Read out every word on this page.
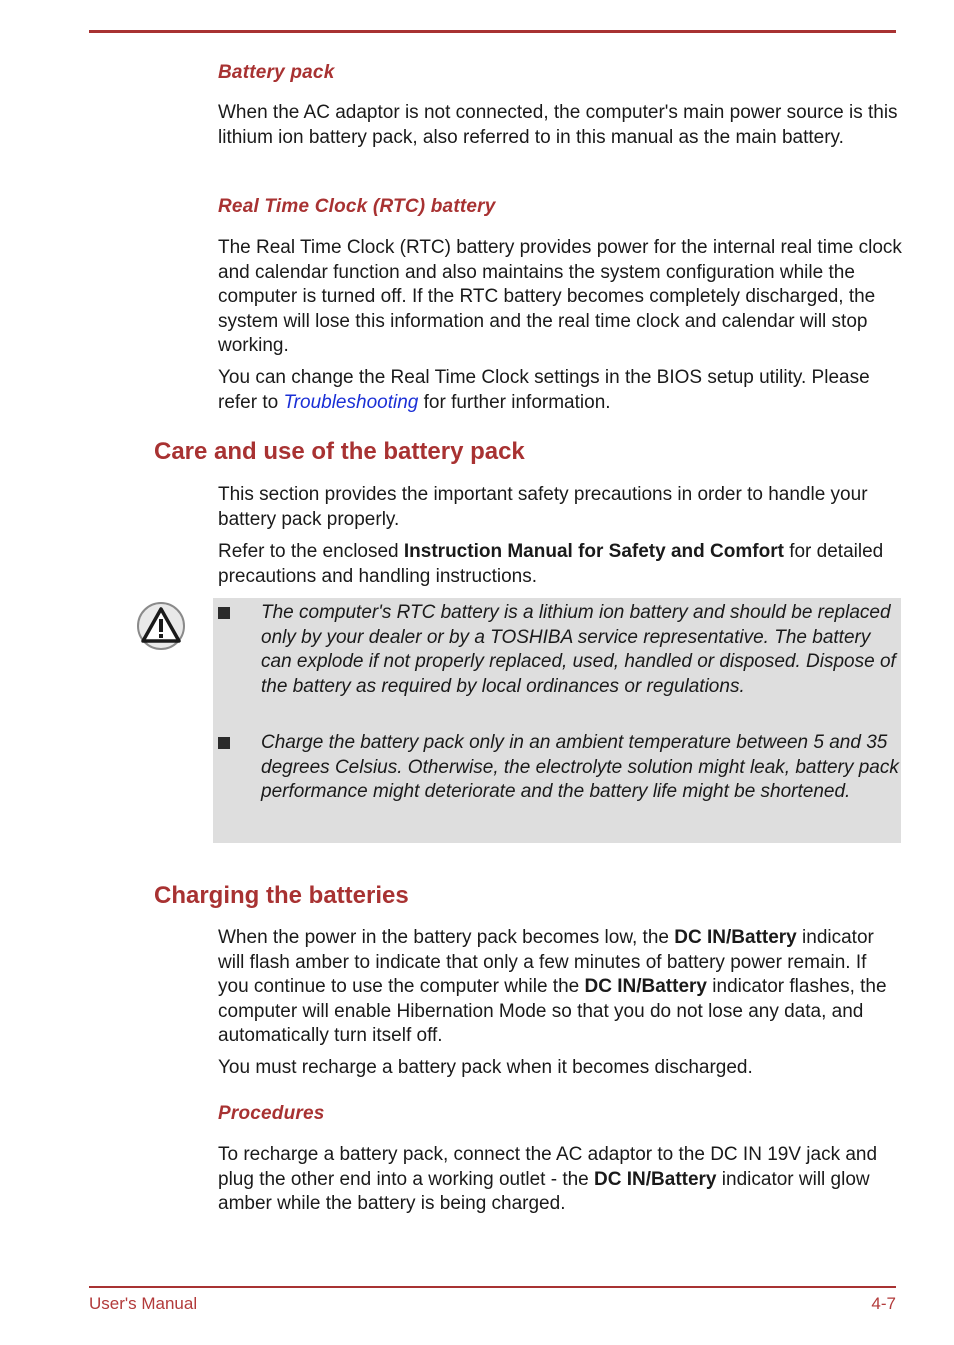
Battery pack

When the AC adaptor is not connected, the computer's main power source is this lithium ion battery pack, also referred to in this manual as the main battery.

Real Time Clock (RTC) battery

The Real Time Clock (RTC) battery provides power for the internal real time clock and calendar function and also maintains the system configuration while the computer is turned off. If the RTC battery becomes completely discharged, the system will lose this information and the real time clock and calendar will stop working.

You can change the Real Time Clock settings in the BIOS setup utility. Please refer to Troubleshooting for further information.

Care and use of the battery pack

This section provides the important safety precautions in order to handle your battery pack properly.

Refer to the enclosed Instruction Manual for Safety and Comfort for detailed precautions and handling instructions.

The computer's RTC battery is a lithium ion battery and should be replaced only by your dealer or by a TOSHIBA service representative. The battery can explode if not properly replaced, used, handled or disposed. Dispose of the battery as required by local ordinances or regulations.

Charge the battery pack only in an ambient temperature between 5 and 35 degrees Celsius. Otherwise, the electrolyte solution might leak, battery pack performance might deteriorate and the battery life might be shortened.

Charging the batteries

When the power in the battery pack becomes low, the DC IN/Battery indicator will flash amber to indicate that only a few minutes of battery power remain. If you continue to use the computer while the DC IN/Battery indicator flashes, the computer will enable Hibernation Mode so that you do not lose any data, and automatically turn itself off.

You must recharge a battery pack when it becomes discharged.

Procedures

To recharge a battery pack, connect the AC adaptor to the DC IN 19V jack and plug the other end into a working outlet - the DC IN/Battery indicator will glow amber while the battery is being charged.

User's Manual	4-7
